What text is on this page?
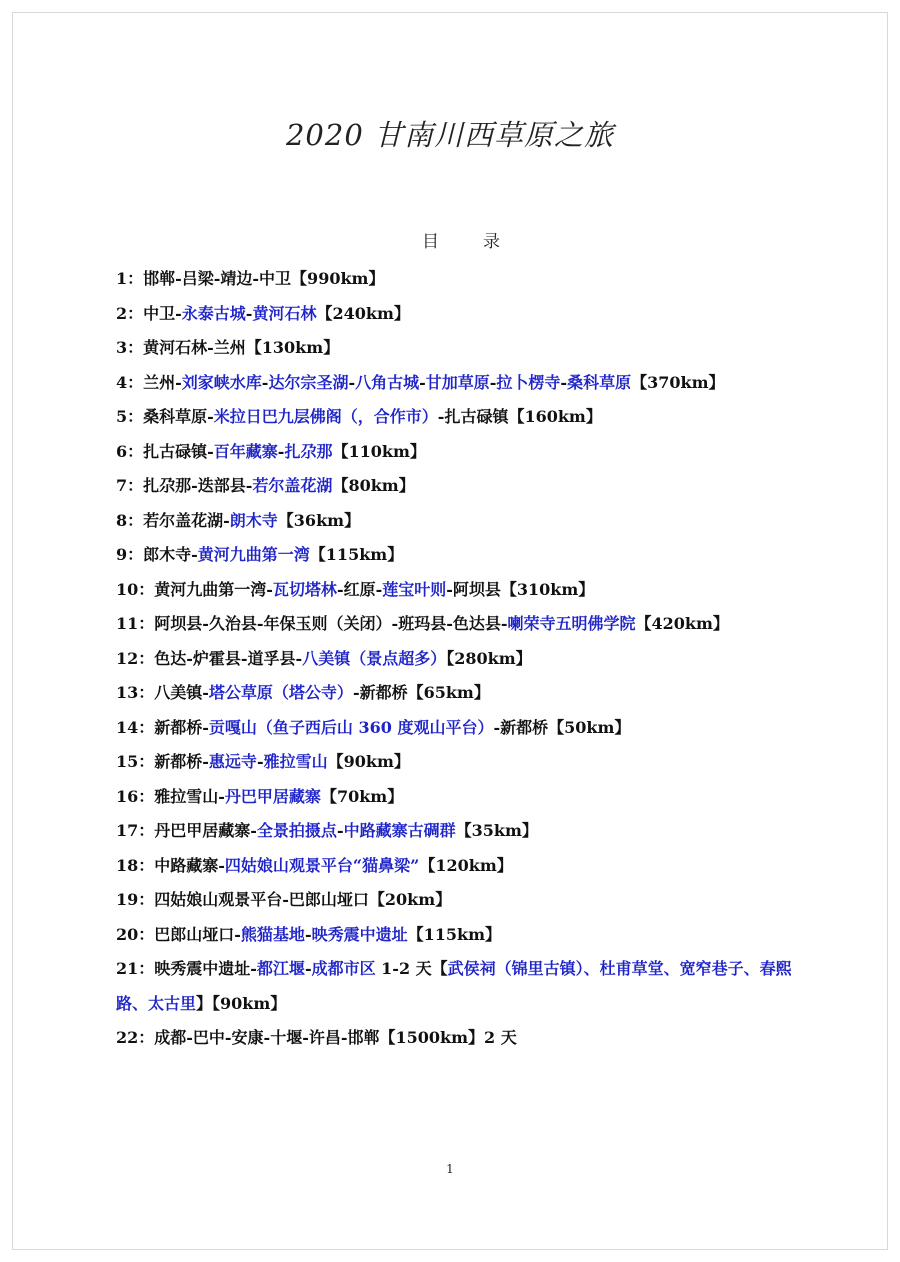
2020 甘南川西草原之旅
目	录
1：邯郸-吕梁-靖边-中卫【990km】
2：中卫-永泰古城-黄河石林【240km】
3：黄河石林-兰州【130km】
4：兰州-刘家峡水库-达尔宗圣湖-八角古城-甘加草原-拉卜楞寺-桑科草原【370km】
5：桑科草原-米拉日巴九层佛阁（，合作市）-扎古碌镇【160km】
6：扎古碌镇-百年藏寨-扎尕那【110km】
7：扎尕那-迭部县-若尔盖花湖【80km】
8：若尔盖花湖-朗木寺【36km】
9：郎木寺-黄河九曲第一湾【115km】
10：黄河九曲第一湾-瓦切塔林-红原-莲宝叶则-阿坝县【310km】
11：阿坝县-久治县-年保玉则（关闭）-班玛县-色达县-喇荣寺五明佛学院【420km】
12：色达-炉霍县-道孚县-八美镇（景点超多）【280km】
13：八美镇-塔公草原（塔公寺）-新都桥【65km】
14：新都桥-贡嘎山（鱼子西后山 360 度观山平台）-新都桥【50km】
15：新都桥-惠远寺-雅拉雪山【90km】
16：雅拉雪山-丹巴甲居藏寨【70km】
17：丹巴甲居藏寨-全景拍摄点-中路藏寨古碉群【35km】
18：中路藏寨-四姑娘山观景平台“猫鼻梁”【120km】
19：四姑娘山观景平台-巴郎山垭口【20km】
20：巴郎山垭口-熊猫基地-映秀震中遗址【115km】
21：映秀震中遗址-都江堰-成都市区 1-2 天【武侯祠（锦里古镇）、杜甫草堂、宽窄巷子、春熙路、太古里】【90km】
22：成都-巴中-安康-十堰-许昌-邯郸【1500km】2 天
1
